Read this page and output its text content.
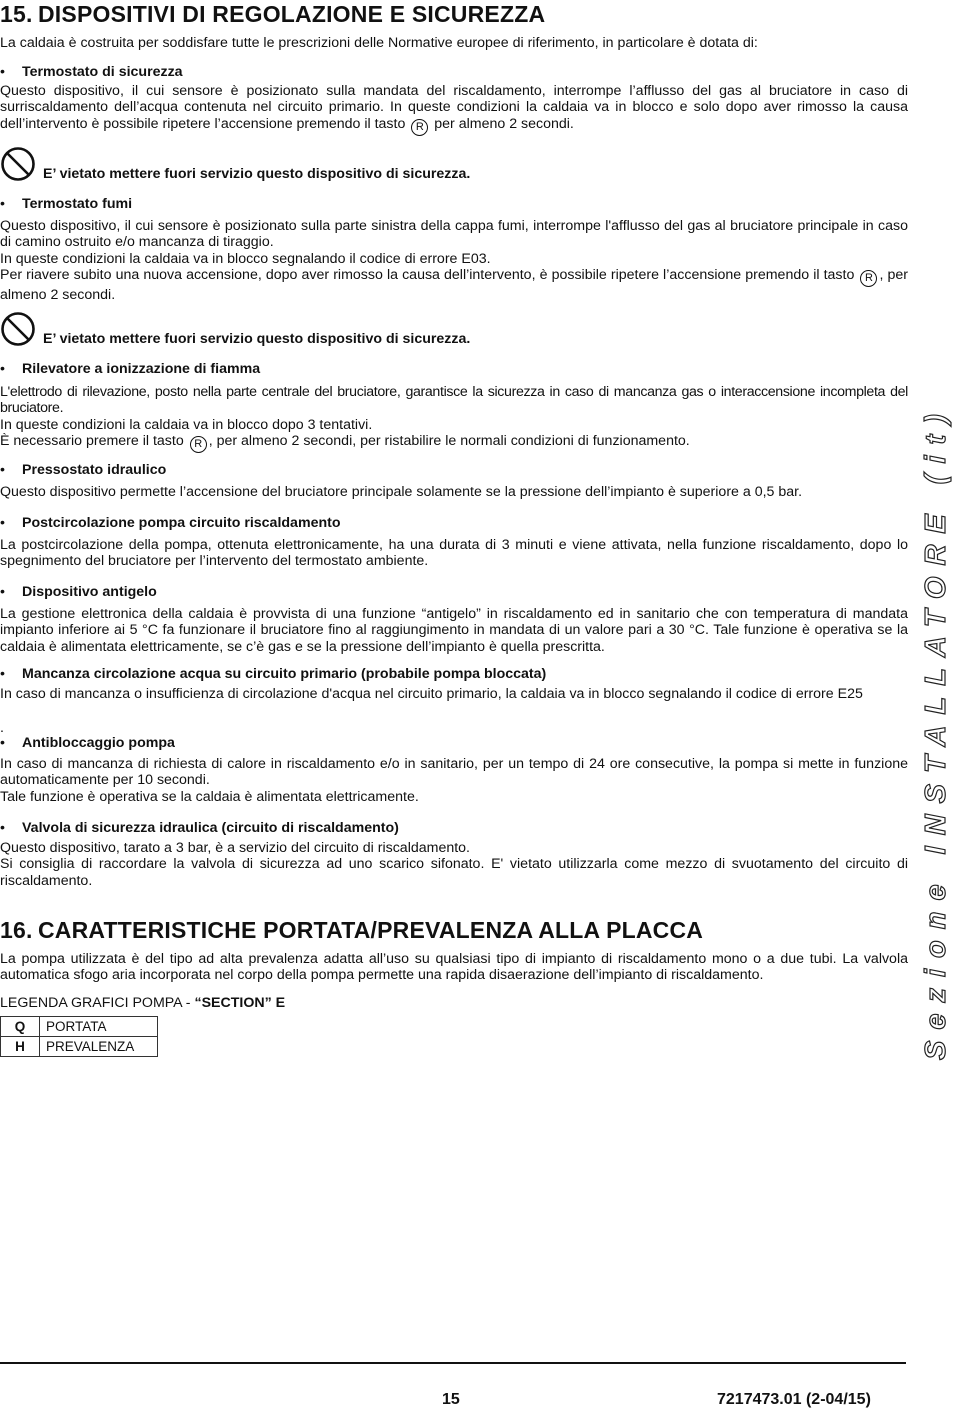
15. DISPOSITIVI DI REGOLAZIONE E SICUREZZA

La caldaia è costruita per soddisfare tutte le prescrizioni delle Normative europee di riferimento, in particolare è dotata di:

• Termostato di sicurezza

Questo dispositivo, il cui sensore è posizionato sulla mandata del riscaldamento, interrompe l’afflusso del gas al bruciatore in caso di surriscaldamento dell’acqua contenuta nel circuito primario. In queste condizioni la caldaia va in blocco e solo dopo aver rimosso la causa dell’intervento è possibile ripetere l’accensione premendo il tasto R per almeno 2 secondi.

E’ vietato mettere fuori servizio questo dispositivo di sicurezza.
• Termostato fumi

Questo dispositivo, il cui sensore è posizionato sulla parte sinistra della cappa fumi, interrompe l'afflusso del gas al bruciatore principale in caso di camino ostruito e/o mancanza di tiraggio.

In queste condizioni la caldaia va in blocco segnalando il codice di errore E03.

Per riavere subito una nuova accensione, dopo aver rimosso la causa dell’intervento, è possibile ripetere l’accensione premendo il tasto R , per almeno 2 secondi.

E’ vietato mettere fuori servizio questo dispositivo di sicurezza.
• Rilevatore a ionizzazione di fiamma

L'elettrodo di rilevazione, posto nella parte centrale del bruciatore, garantisce la sicurezza in caso di mancanza gas o interaccensione incompleta del bruciatore.

In queste condizioni la caldaia va in blocco dopo 3 tentativi.

È necessario premere il tasto R , per almeno 2 secondi, per ristabilire le normali condizioni di funzionamento.

• Pressostato idraulico

Questo dispositivo permette l’accensione del bruciatore principale solamente se la pressione dell’impianto è superiore a 0,5 bar.

• Postcircolazione pompa circuito riscaldamento

La postcircolazione della pompa, ottenuta elettronicamente, ha una durata di 3 minuti e viene attivata, nella funzione riscaldamento, dopo lo spegnimento del bruciatore per l’intervento del termostato ambiente.

• Dispositivo antigelo

La gestione elettronica della caldaia è provvista di una funzione “antigelo” in riscaldamento ed in sanitario che con temperatura di mandata impianto inferiore ai 5 °C fa funzionare il bruciatore fino al raggiungimento in mandata di un valore pari a 30 °C. Tale funzione è operativa se la caldaia è alimentata elettricamente, se c’è gas e se la pressione dell’impianto è quella prescritta.

• Mancanza circolazione acqua su circuito primario (probabile pompa bloccata)

In caso di mancanza o insufficienza di circolazione d'acqua nel circuito primario, la caldaia va in blocco segnalando il codice di errore E25

.
• Antibloccaggio pompa

In caso di mancanza di richiesta di calore in riscaldamento e/o in sanitario, per un tempo di 24 ore consecutive, la pompa si mette in funzione automaticamente per 10 secondi.

Tale funzione è operativa se la caldaia è alimentata elettricamente.

• Valvola di sicurezza idraulica (circuito di riscaldamento)

Questo dispositivo, tarato a 3 bar, è a servizio del circuito di riscaldamento.

Si consiglia di raccordare la valvola di sicurezza ad uno scarico sifonato. E' vietato utilizzarla come mezzo di svuotamento del circuito di riscaldamento.

16. CARATTERISTICHE PORTATA/PREVALENZA ALLA PLACCA

La pompa utilizzata è del tipo ad alta prevalenza adatta all’uso su qualsiasi tipo di impianto di riscaldamento mono o a due tubi. La valvola automatica sfogo aria incorporata nel corpo della pompa permette una rapida disaerazione dell’impianto di riscaldamento.

LEGENDA GRAFICI POMPA - “SECTION” E
Q	PORTATA
H	PREVALENZA	Sezione INSTALLATORE (it)
15	7217473.01 (2-04/15)
